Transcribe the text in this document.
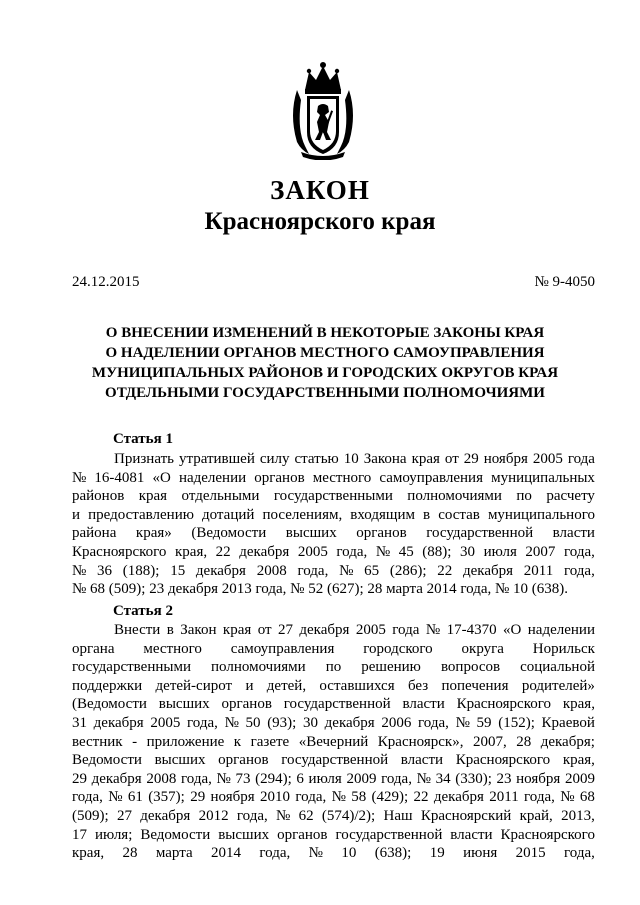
ЗАКОН
Красноярского края
24.12.2015	№ 9-4050
О ВНЕСЕНИИ ИЗМЕНЕНИЙ В НЕКОТОРЫЕ ЗАКОНЫ КРАЯ
О НАДЕЛЕНИИ ОРГАНОВ МЕСТНОГО САМОУПРАВЛЕНИЯ
МУНИЦИПАЛЬНЫХ РАЙОНОВ И ГОРОДСКИХ ОКРУГОВ КРАЯ
ОТДЕЛЬНЫМИ ГОСУДАРСТВЕННЫМИ ПОЛНОМОЧИЯМИ
Статья 1
Признать утратившей силу статью 10 Закона края от 29 ноября 2005 года
№ 16-4081 «О наделении органов местного самоуправления муниципальных
районов края отдельными государственными полномочиями по расчету
и предоставлению дотаций поселениям, входящим в состав муниципального
района края» (Ведомости высших органов государственной власти
Красноярского края, 22 декабря 2005 года, № 45 (88); 30 июля 2007 года,
№ 36 (188); 15 декабря 2008 года, № 65 (286); 22 декабря 2011 года,
№ 68 (509); 23 декабря 2013 года, № 52 (627); 28 марта 2014 года, № 10 (638).
Статья 2
Внести в Закон края от 27 декабря 2005 года № 17-4370 «О наделении
органа местного самоуправления городского округа Норильск
государственными полномочиями по решению вопросов социальной
поддержки детей-сирот и детей, оставшихся без попечения родителей»
(Ведомости высших органов государственной власти Красноярского края,
31 декабря 2005 года, № 50 (93); 30 декабря 2006 года, № 59 (152); Краевой
вестник - приложение к газете «Вечерний Красноярск», 2007, 28 декабря;
Ведомости высших органов государственной власти Красноярского края,
29 декабря 2008 года, № 73 (294); 6 июля 2009 года, № 34 (330); 23 ноября 2009
года, № 61 (357); 29 ноября 2010 года, № 58 (429); 22 декабря 2011 года, № 68
(509); 27 декабря 2012 года, № 62 (574)/2); Наш Красноярский край, 2013,
17 июля; Ведомости высших органов государственной власти Красноярского
края, 28 марта 2014 года, № 10 (638); 19 июня 2015 года,
